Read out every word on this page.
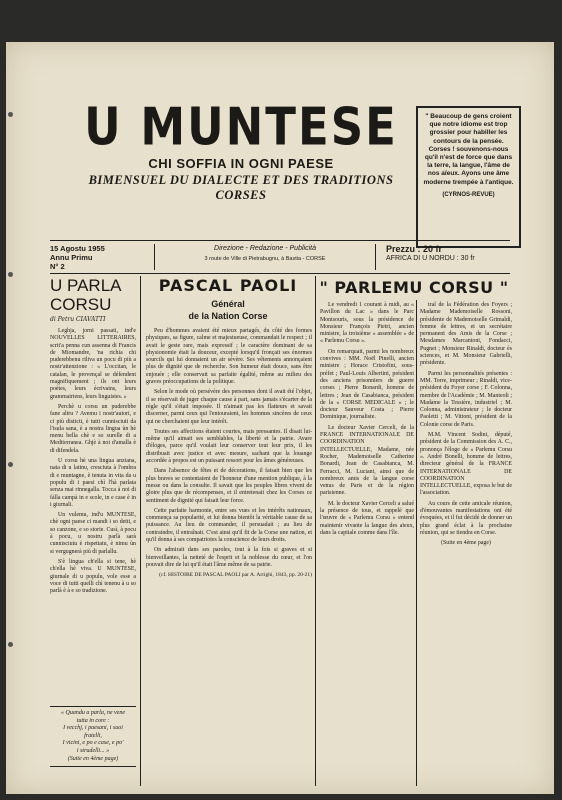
U MUNTESE
CHI SOFFIA IN OGNI PAESE
BIMENSUEL DU DIALECTE ET DES TRADITIONS CORSES
" Beaucoup de gens croient que notre idiome est trop grossier pour habiller les contours de la pensée. Corses ! souvenons-nous qu'il n'est de force que dans la terre, la langue, l'âme de nos aïeux. Ayons une âme moderne trempée à l'antique.
(CYRNOS-REVUE)
15 Agostu 1955
Annu Primu
N° 2
Direzione - Redazione - Publicità
3 route de Ville di Pietrabugnu, à Bastia - CORSE
Prezzu : 20 fr
AFRICA DI U NORDU : 30 fr
U PARLA CORSU
di Petru CIAVATTI

Leghja, jorni passati, ind'e NOUVELLES LITTERAIRES, scrit'a penna cun assenna di Francis de Miomandre, 'na richia chi puderebbenu riliva un pocu di più a nostr'attenzione : « L'occitan, le catalan, le provençal se défendent magnifiquement ; ils ont leurs poètes, leurs écrivains, leurs grammairiens, leurs linguistes. »

Perchè u corsu un puderebbe fane altru ? Avemu i nostr'autori, e ci più disticti, è tutti cunnisciuti da l'isula sana, è a nostra lingua ùn hè menu bella chè e so surelle di a Mediterranea. Ghjè à noi d'amalla è di difendela.

U corsu hè una lingua anziana, nata di u latinu, cresciuta à l'ombra di e muntagne, è tenuta in vita da u populu di i paesi chì l'hà parlata senza mai rinnegalla. Tocca à noi di fàlla campà in e scole, in e case è in i giurnali.

Un vulemu, ind'u MUNTESE, chè ogni paese ci mandi i so detti, e so canzone, e so storie. Cusì, à pocu à pocu, u nostru parlà sarà cunnisciutu è rispettatu, è nimu ùn si vergugnerà più di parlallu.

S'è lingua ch'ella si tene, hè ch'ella hè viva. U MUNTESE, giurnale di u populu, vole esse a voce di tutti quelli chì tenenu à u so parlà è à e so tradizione.

« Quandu a parla, ne vene
tutta in core :
I vecchj, i paesani, i suoi
fratelli,
I vicini, e po e case, e po'
i strudelli... »
(Suite en 4ème page)
PASCAL PAOLI
Général
de la Nation Corse

Peu d'hommes avaient été mieux partagés, du côté des formes physiques, sa figure, calme et majestueuse, commandait le respect ; il avait le geste rare, mais expressif ; le caractère dominant de sa physionomie était la douceur, excepté lorsqu'il fronçait ses énormes sourcils qui lui donnaient un air sévère. Ses vêtements annonçaient plus de dignité que de recherche. Son humeur était douce, sans être enjouée ; elle conservait sa parfaite égalité, même au milieu des graves préoccupations de la politique.

Selon le mode où persévère des personnes dont il avait été l'objet, il se réservait de juger chaque cause à part, sans jamais s'écarter de la règle qu'il s'était imposée. Il n'aimait pas les flatteurs et savait discerner, parmi ceux qui l'entouraient, les hommes sincères de ceux qui ne cherchaient que leur intérêt.

Toutes ses affections étaient courtes, mais pressantes. Il disait lui-même qu'il aimait ses semblables, la liberté et la patrie. Avare d'éloges, parce qu'il voulait leur conserver tout leur prix, il les distribuait avec justice et avec mesure, sachant que la louange accordée à propos est un puissant ressort pour les âmes généreuses.

Dans l'absence de fêtes et de décorations, il faisait bien que les plus braves se contentaient de l'honneur d'une mention publique, à la messe ou dans la consulte. Il savait que les peuples libres vivent de gloire plus que de récompenses, et il entretenait chez les Corses ce sentiment de dignité qui faisait leur force.

Cette parfaite harmonie, entre ses vues et les intérêts nationaux, commença sa popularité, et lui donna bientôt la véritable cause de sa puissance. Au lieu de commander, il persuadait ; au lieu de contraindre, il entraînait. C'est ainsi qu'il fit de la Corse une nation, et qu'il donna à ses compatriotes la conscience de leurs droits.

On admirait dans ses paroles, tout à la fois si graves et si bienveillantes, la netteté de l'esprit et la noblesse du cœur, et l'on pouvait dire de lui qu'il était l'âme même de sa patrie.

(cf. HISTOIRE DE PASCAL PAOLI par A. Arrighi, 1843, pp. 20-21)
" PARLEMU CORSU "

Le vendredi 1 courant à midi, au « Pavillon du Lac » dans le Parc Montsouris, sous la présidence de Monsieur François Pietri, ancien ministre, la troisième « assemblée » de « Parlemu Corsu ».

On remarquait, parmi les nombreux convives : MM. Noël Pinelli, ancien ministre ; Horace Cristofini, sous-préfet ; Paul-Louis Albertini, président des anciens prisonniers de guerre corses ; Pierre Bonardi, homme de lettres ; Jean de Casabianca, président de la « CORSE MEDICALE » ; le docteur Sauveur Costa ; Pierre Dominique, journaliste.

Le docteur Xavier Cerceli, de la FRANCE INTERNATIONALE DE COORDINATION INTELLECTUELLE, Madame, née Rocher, Mademoiselle Catherine Bonardi, Jean de Casabianca, M. Ferracci, M. Luciani, ainsi que de nombreux amis de la langue corse venus de Paris et de la région parisienne.

M. le docteur Xavier Cerceli a salué la présence de tous, et rappelé que l'œuvre de « Parlemu Corsu » entend maintenir vivante la langue des aïeux, dans la capitale comme dans l'île.

tral de la Fédération des Foyers ; Madame Mademoiselle Rossoni, présidente de Mademoiselle Grimaldi, femme de lettres, et un secrétaire permanent des Amis de la Corse ; Mesdames Marcantoni, Fondacci, Pugnet ; Monsieur Rinaldi, docteur ès sciences, et M. Monsieur Gabrielli, présidente.

Parmi les personnalités présentes : MM. Torre, imprimeur ; Rinaldi, vice-président du Foyer corse ; F. Colonna, membre de l'Académie ; M. Manteoli ; Madame la Tessière, industriel ; M. Colonna, administrateur ; le docteur Paoletti ; M. Vittoni, président de la Colonie corse de Paris.

M.M. Vincent Sodini, député, président de la Commission des A. C., prononça l'éloge de « Parlemu Corsu ». André Bonelli, homme de lettres, directeur général de la FRANCE INTERNATIONALE DE COORDINATION INTELLECTUELLE, exposa le but de l'association.

Au cours de cette amicale réunion, d'émouvantes manifestations ont été évoquées, et il fut décidé de donner un plus grand éclat à la prochaine réunion, qui se tiendra en Corse.

(Suite en 4ème page)
